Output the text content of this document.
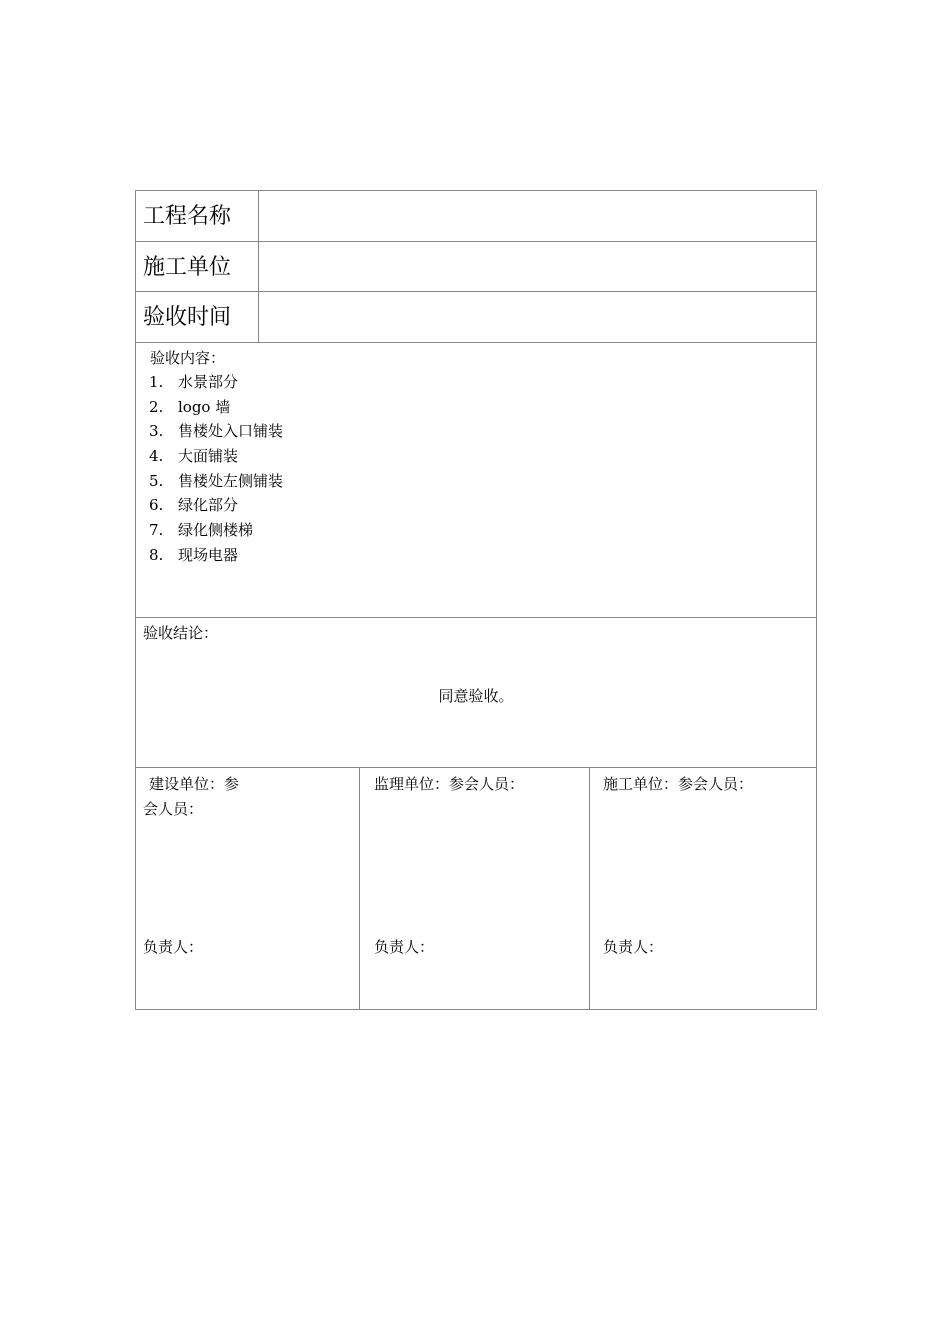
工程名称
施工单位
验收时间
验收内容：
1. 水景部分
2. logo 墙
3. 售楼处入口铺装
4. 大面铺装
5. 售楼处左侧铺装
6. 绿化部分
7. 绿化侧楼梯
8. 现场电器
验收结论：
同意验收。
建设单位：参
会人员：
负责人：
监理单位：参会人员：
负责人：
施工单位：参会人员：
负责人：
